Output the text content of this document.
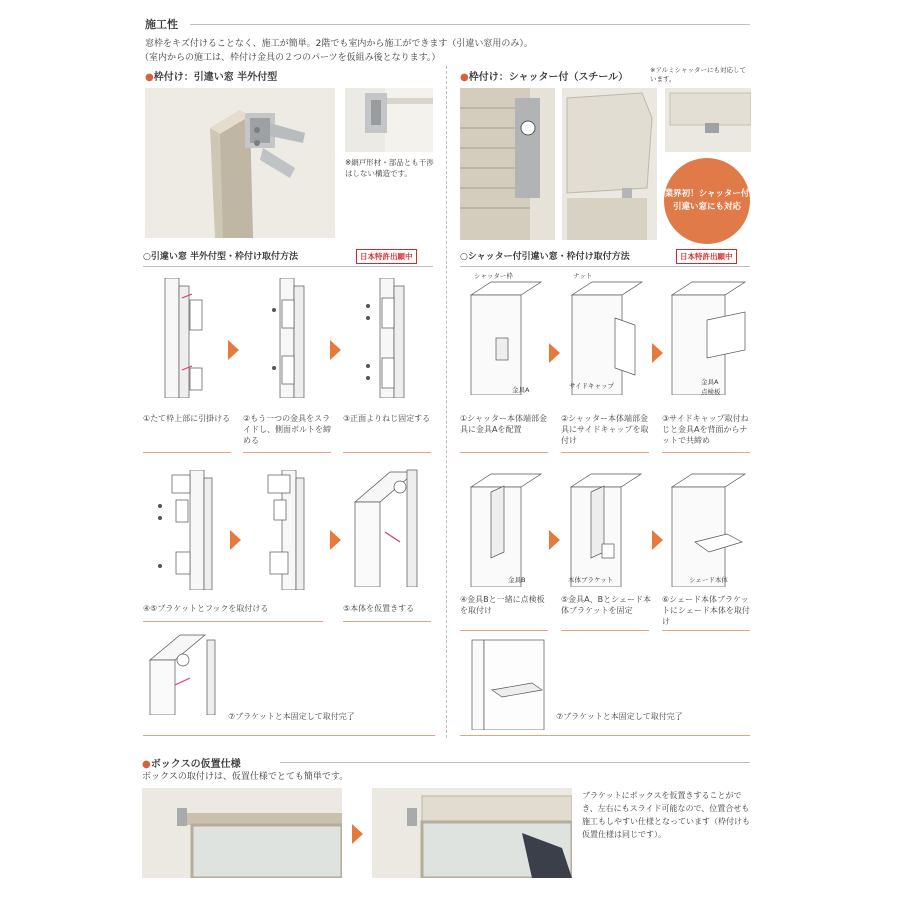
施工性
窓枠をキズ付けることなく、施工が簡単。2階でも室内から施工ができます（引違い窓用のみ）。
（室内からの施工は、枠付け金具の２つのパーツを仮組み後となります。）
●枠付け：引違い窓 半外付型
※網戸形材・部品とも干渉はしない構造です。
○引違い窓 半外付型・枠付け取付方法	日本特許出願中
①たて枠上部に引掛ける	②もう一つの金具をスライドし、側面ボルトを締める
③正面よりねじ固定する
④⑤ブラケットとフックを取付ける	⑤本体を仮置きする
⑦ブラケットと本固定して取付完了
●枠付け：シャッター付（スチール）
※アルミシャッターにも対応しています。
業界初！シャッター付引違い窓にも対応
○シャッター付引違い窓・枠付け取付方法	日本特許出願中
シャッター枠
金具A
ナット
サイドキャップ	金具A
点検板
①シャッター本体端部金具に金具Aを配置
②シャッター本体端部金具にサイドキャップを取付け
③サイドキャップ取付ねじと金具Aを背面からナットで共締め
金具B	本体ブラケット	シェード本体
④金具Bと一緒に点検板を取付け
⑤金具A、Bとシェード本体ブラケットを固定
⑥シェード本体ブラケットにシェード本体を取付け
⑦ブラケットと本固定して取付完了
●ボックスの仮置仕様
ボックスの取付けは、仮置仕様でとても簡単です。
ブラケットにボックスを仮置きすることができ、左右にもスライド可能なので、位置合せも施工もしやすい仕様となっています（枠付けも仮置仕様は同じです）。
